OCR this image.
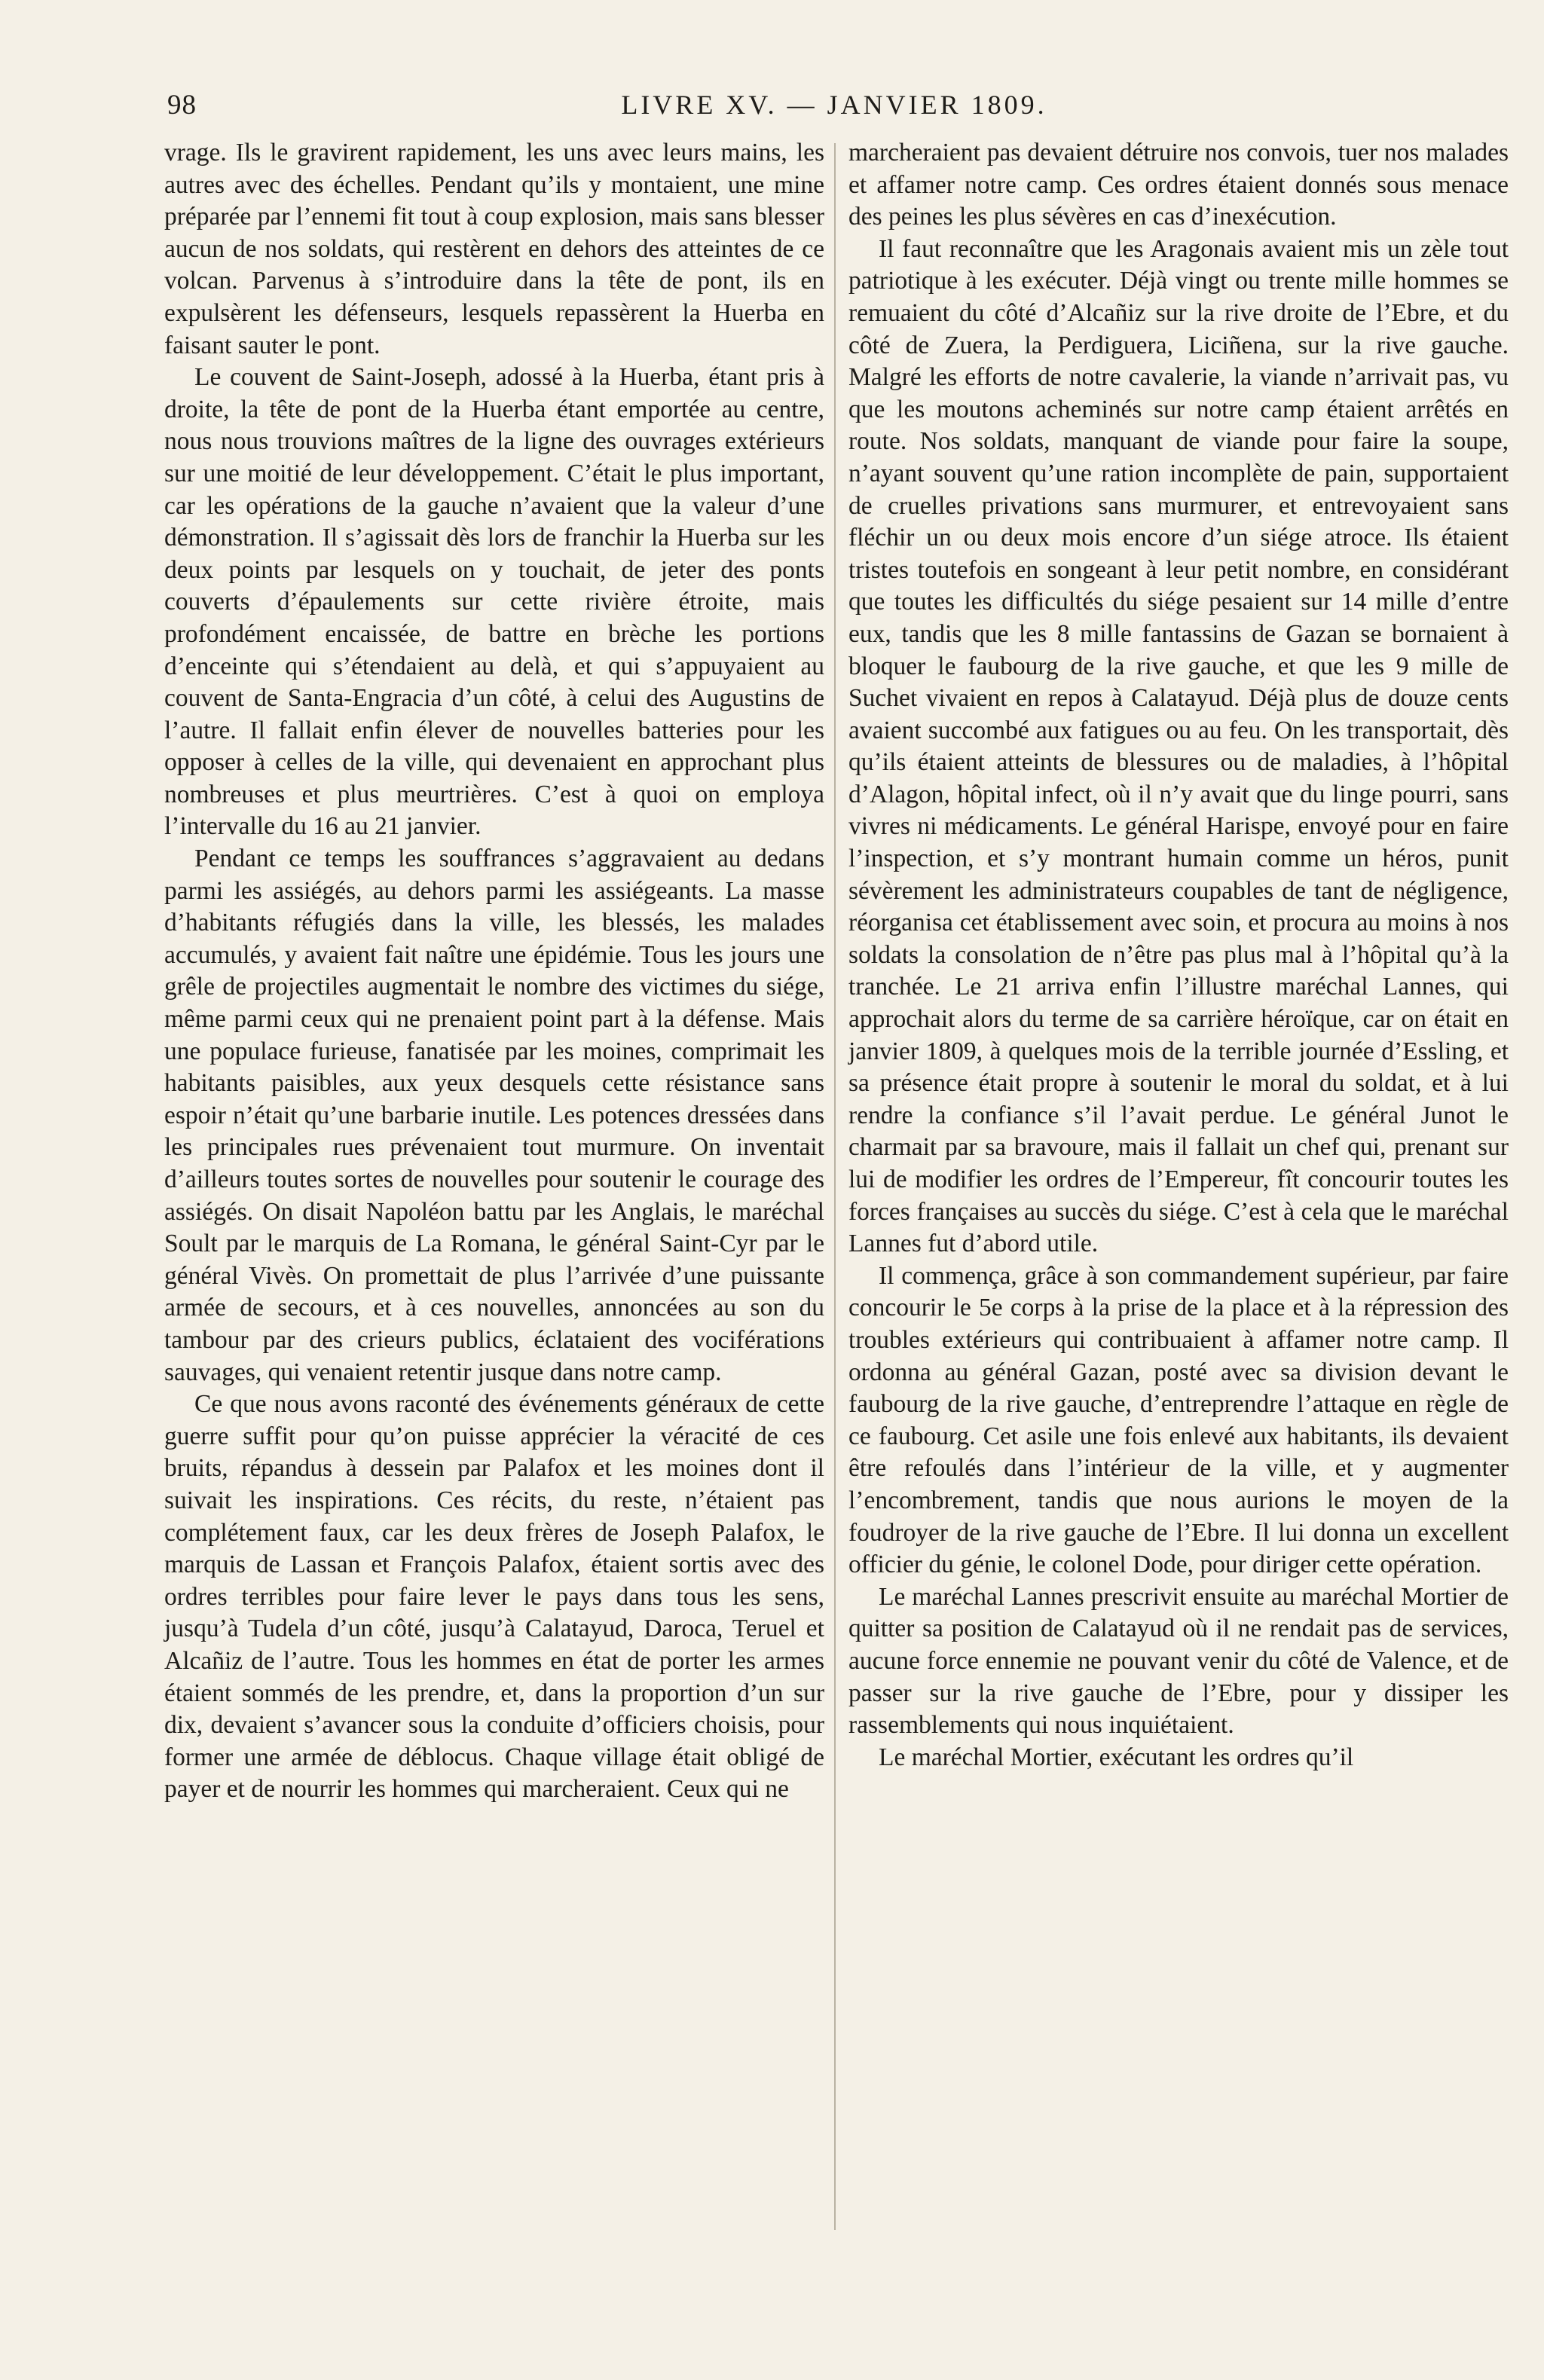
98	LIVRE XV. — JANVIER 1809.

vrage. Ils le gravirent rapidement, les uns avec leurs mains, les autres avec des échelles. Pendant qu’ils y montaient, une mine préparée par l’ennemi fit tout à coup explosion, mais sans blesser aucun de nos soldats, qui restèrent en dehors des atteintes de ce volcan. Parvenus à s’introduire dans la tête de pont, ils en expulsèrent les défenseurs, lesquels repassèrent la Huerba en faisant sauter le pont.

Le couvent de Saint-Joseph, adossé à la Huerba, étant pris à droite, la tête de pont de la Huerba étant emportée au centre, nous nous trouvions maîtres de la ligne des ouvrages extérieurs sur une moitié de leur développement. C’était le plus important, car les opérations de la gauche n’avaient que la valeur d’une démonstration. Il s’agissait dès lors de franchir la Huerba sur les deux points par lesquels on y touchait, de jeter des ponts couverts d’épaulements sur cette rivière étroite, mais profondément encaissée, de battre en brèche les portions d’enceinte qui s’étendaient au delà, et qui s’appuyaient au couvent de Santa-Engracia d’un côté, à celui des Augustins de l’autre. Il fallait enfin élever de nouvelles batteries pour les opposer à celles de la ville, qui devenaient en approchant plus nombreuses et plus meurtrières. C’est à quoi on employa l’intervalle du 16 au 21 janvier.

Pendant ce temps les souffrances s’aggravaient au dedans parmi les assiégés, au dehors parmi les assiégeants. La masse d’habitants réfugiés dans la ville, les blessés, les malades accumulés, y avaient fait naître une épidémie. Tous les jours une grêle de projectiles augmentait le nombre des victimes du siége, même parmi ceux qui ne prenaient point part à la défense. Mais une populace furieuse, fanatisée par les moines, comprimait les habitants paisibles, aux yeux desquels cette résistance sans espoir n’était qu’une barbarie inutile. Les potences dressées dans les principales rues prévenaient tout murmure. On inventait d’ailleurs toutes sortes de nouvelles pour soutenir le courage des assiégés. On disait Napoléon battu par les Anglais, le maréchal Soult par le marquis de La Romana, le général Saint-Cyr par le général Vivès. On promettait de plus l’arrivée d’une puissante armée de secours, et à ces nouvelles, annoncées au son du tambour par des crieurs publics, éclataient des vociférations sauvages, qui venaient retentir jusque dans notre camp.

Ce que nous avons raconté des événements généraux de cette guerre suffit pour qu’on puisse apprécier la véracité de ces bruits, répandus à dessein par Palafox et les moines dont il suivait les inspirations. Ces récits, du reste, n’étaient pas complétement faux, car les deux frères de Joseph Palafox, le marquis de Lassan et François Palafox, étaient sortis avec des ordres terribles pour faire lever le pays dans tous les sens, jusqu’à Tudela d’un côté, jusqu’à Calatayud, Daroca, Teruel et Alcañiz de l’autre. Tous les hommes en état de porter les armes étaient sommés de les prendre, et, dans la proportion d’un sur dix, devaient s’avancer sous la conduite d’officiers choisis, pour former une armée de déblocus. Chaque village était obligé de payer et de nourrir les hommes qui marcheraient. Ceux qui ne

marcheraient pas devaient détruire nos convois, tuer nos malades et affamer notre camp. Ces ordres étaient donnés sous menace des peines les plus sévères en cas d’inexécution.

Il faut reconnaître que les Aragonais avaient mis un zèle tout patriotique à les exécuter. Déjà vingt ou trente mille hommes se remuaient du côté d’Alcañiz sur la rive droite de l’Ebre, et du côté de Zuera, la Perdiguera, Liciñena, sur la rive gauche. Malgré les efforts de notre cavalerie, la viande n’arrivait pas, vu que les moutons acheminés sur notre camp étaient arrêtés en route. Nos soldats, manquant de viande pour faire la soupe, n’ayant souvent qu’une ration incomplète de pain, supportaient de cruelles privations sans murmurer, et entrevoyaient sans fléchir un ou deux mois encore d’un siége atroce. Ils étaient tristes toutefois en songeant à leur petit nombre, en considérant que toutes les difficultés du siége pesaient sur 14 mille d’entre eux, tandis que les 8 mille fantassins de Gazan se bornaient à bloquer le faubourg de la rive gauche, et que les 9 mille de Suchet vivaient en repos à Calatayud. Déjà plus de douze cents avaient succombé aux fatigues ou au feu. On les transportait, dès qu’ils étaient atteints de blessures ou de maladies, à l’hôpital d’Alagon, hôpital infect, où il n’y avait que du linge pourri, sans vivres ni médicaments. Le général Harispe, envoyé pour en faire l’inspection, et s’y montrant humain comme un héros, punit sévèrement les administrateurs coupables de tant de négligence, réorganisa cet établissement avec soin, et procura au moins à nos soldats la consolation de n’être pas plus mal à l’hôpital qu’à la tranchée. Le 21 arriva enfin l’illustre maréchal Lannes, qui approchait alors du terme de sa carrière héroïque, car on était en janvier 1809, à quelques mois de la terrible journée d’Essling, et sa présence était propre à soutenir le moral du soldat, et à lui rendre la confiance s’il l’avait perdue. Le général Junot le charmait par sa bravoure, mais il fallait un chef qui, prenant sur lui de modifier les ordres de l’Empereur, fît concourir toutes les forces françaises au succès du siége. C’est à cela que le maréchal Lannes fut d’abord utile.

Il commença, grâce à son commandement supérieur, par faire concourir le 5e corps à la prise de la place et à la répression des troubles extérieurs qui contribuaient à affamer notre camp. Il ordonna au général Gazan, posté avec sa division devant le faubourg de la rive gauche, d’entreprendre l’attaque en règle de ce faubourg. Cet asile une fois enlevé aux habitants, ils devaient être refoulés dans l’intérieur de la ville, et y augmenter l’encombrement, tandis que nous aurions le moyen de la foudroyer de la rive gauche de l’Ebre. Il lui donna un excellent officier du génie, le colonel Dode, pour diriger cette opération.

Le maréchal Lannes prescrivit ensuite au maréchal Mortier de quitter sa position de Calatayud où il ne rendait pas de services, aucune force ennemie ne pouvant venir du côté de Valence, et de passer sur la rive gauche de l’Ebre, pour y dissiper les rassemblements qui nous inquiétaient.

Le maréchal Mortier, exécutant les ordres qu’il
